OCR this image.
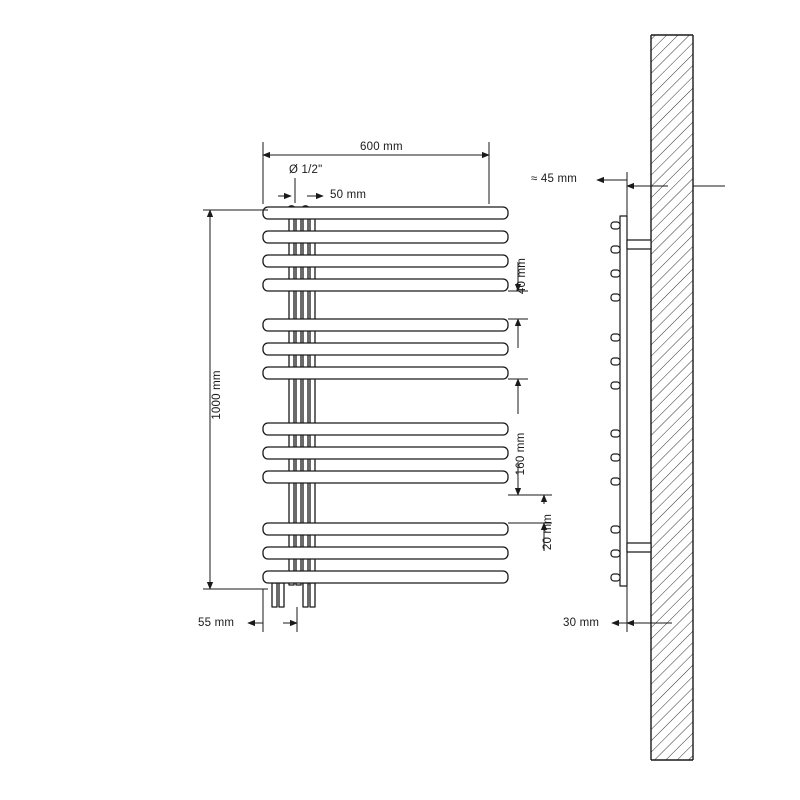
600 mm
Ø 1/2"
50 mm
40 mm
1000 mm
160 mm
20 mm
55 mm
≈ 45 mm
30 mm
